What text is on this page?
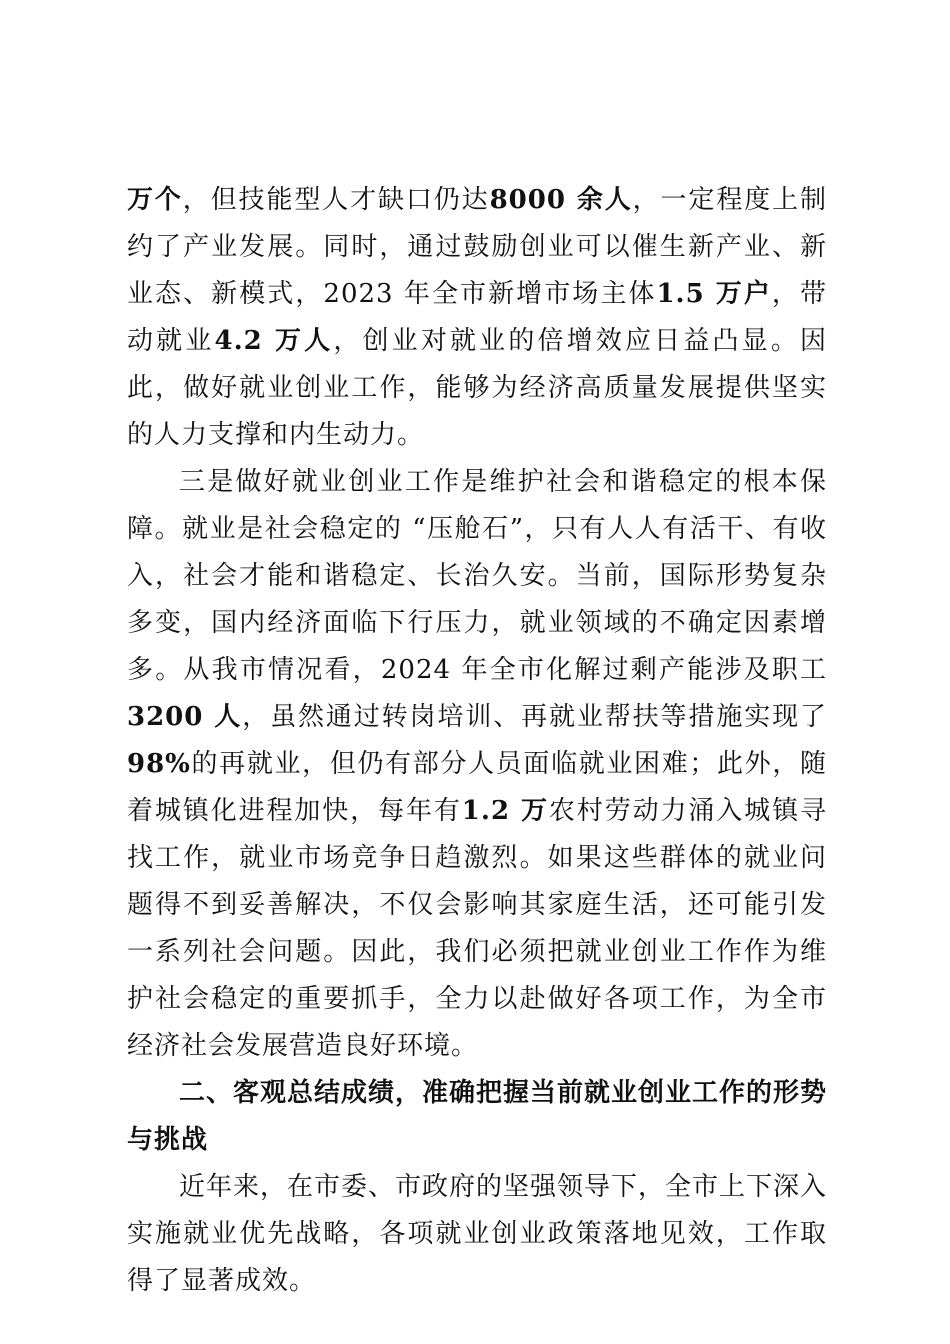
万个，但技能型人才缺口仍达8000 余人，一定程度上制约了产业发展。同时，通过鼓励创业可以催生新产业、新业态、新模式，2023 年全市新增市场主体1.5 万户，带动就业4.2 万人，创业对就业的倍增效应日益凸显。因此，做好就业创业工作，能够为经济高质量发展提供坚实的人力支撑和内生动力。

三是做好就业创业工作是维护社会和谐稳定的根本保障。就业是社会稳定的 “压舱石”，只有人人有活干、有收入，社会才能和谐稳定、长治久安。当前，国际形势复杂多变，国内经济面临下行压力，就业领域的不确定因素增多。从我市情况看，2024 年全市化解过剩产能涉及职工3200 人，虽然通过转岗培训、再就业帮扶等措施实现了98%的再就业，但仍有部分人员面临就业困难；此外，随着城镇化进程加快，每年有1.2 万农村劳动力涌入城镇寻找工作，就业市场竞争日趋激烈。如果这些群体的就业问题得不到妥善解决，不仅会影响其家庭生活，还可能引发一系列社会问题。因此，我们必须把就业创业工作作为维护社会稳定的重要抓手，全力以赴做好各项工作，为全市经济社会发展营造良好环境。

二、客观总结成绩，准确把握当前就业创业工作的形势与挑战

近年来，在市委、市政府的坚强领导下，全市上下深入实施就业优先战略，各项就业创业政策落地见效，工作取得了显著成效。
